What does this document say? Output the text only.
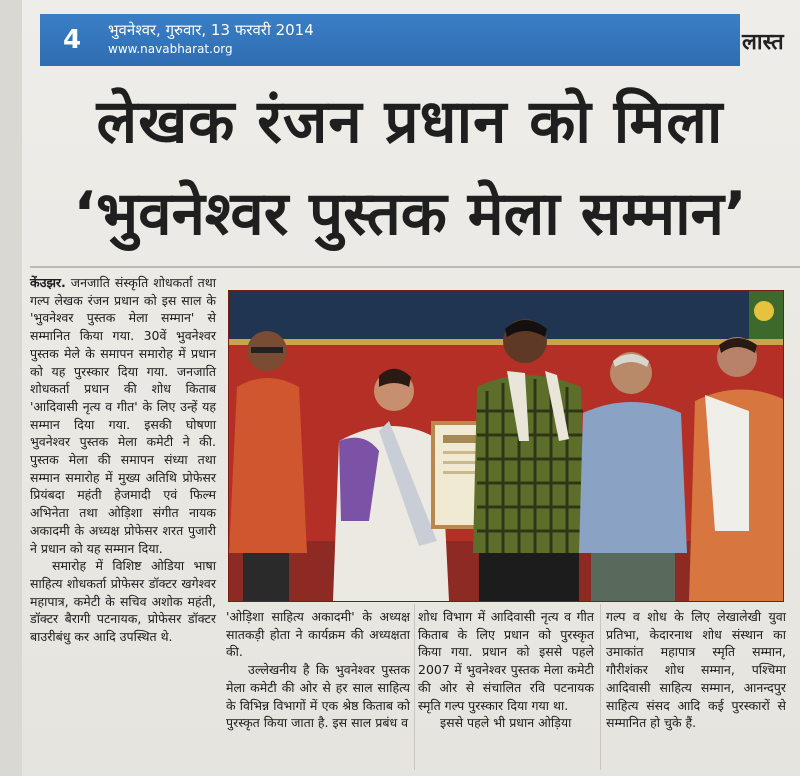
4	भुवनेश्वर, गुरुवार, 13 फरवरी 2014
www.navabharat.org	लास्त
लेखक रंजन प्रधान को मिला
‘भुवनेश्वर पुस्तक मेला सम्मान’

केंउझर. जनजाति संस्कृति शोधकर्ता तथा गल्प लेखक रंजन प्रधान को इस साल के 'भुवनेश्वर पुस्तक मेला सम्मान' से सम्मानित किया गया. 30वें भुवनेश्वर पुस्तक मेले के समापन समारोह में प्रधान को यह पुरस्कार दिया गया. जनजाति शोधकर्ता प्रधान की शोध किताब 'आदिवासी नृत्य व गीत' के लिए उन्हें यह सम्मान दिया गया. इसकी घोषणा भुवनेश्वर पुस्तक मेला कमेटी ने की. पुस्तक मेला की समापन संध्या तथा सम्मान समारोह में मुख्य अतिथि प्रोफेसर प्रियंबदा महंती हेजमादी एवं फिल्म अभिनेता तथा ओड़िशा संगीत नायक अकादमी के अध्यक्ष प्रोफेसर शरत पुजारी ने प्रधान को यह सम्मान दिया.

समारोह में विशिष्ट ओडिया भाषा साहित्य शोधकर्ता प्रोफेसर डॉक्टर खगेश्वर महापात्र, कमेटी के सचिव अशोक महंती, डॉक्टर बैरागी पटनायक, प्रोफेसर डॉक्टर बाउरीबंधु कर आदि उपस्थित थे.

'ओड़िशा साहित्य अकादमी' के अध्यक्ष सातकड़ी होता ने कार्यक्रम की अध्यक्षता की.

उल्लेखनीय है कि भुवनेश्वर पुस्तक मेला कमेटी की ओर से हर साल साहित्य के विभिन्न विभागों में एक श्रेष्ठ किताब को पुरस्कृत किया जाता है. इस साल प्रबंध व

शोध विभाग में आदिवासी नृत्य व गीत किताब के लिए प्रधान को पुरस्कृत किया गया. प्रधान को इससे पहले 2007 में भुवनेश्वर पुस्तक मेला कमेटी की ओर से संचालित रवि पटनायक स्मृति गल्प पुरस्कार दिया गया था.

इससे पहले भी प्रधान ओड़िया

गल्प व शोध के लिए लेखालेखी युवा प्रतिभा, केदारनाथ शोध संस्थान का उमाकांत महापात्र स्मृति सम्मान, गौरीशंकर शोध सम्मान, पश्चिमा आदिवासी साहित्य सम्मान, आनन्दपुर साहित्य संसद आदि कई पुरस्कारों से सम्मानित हो चुके हैं.
